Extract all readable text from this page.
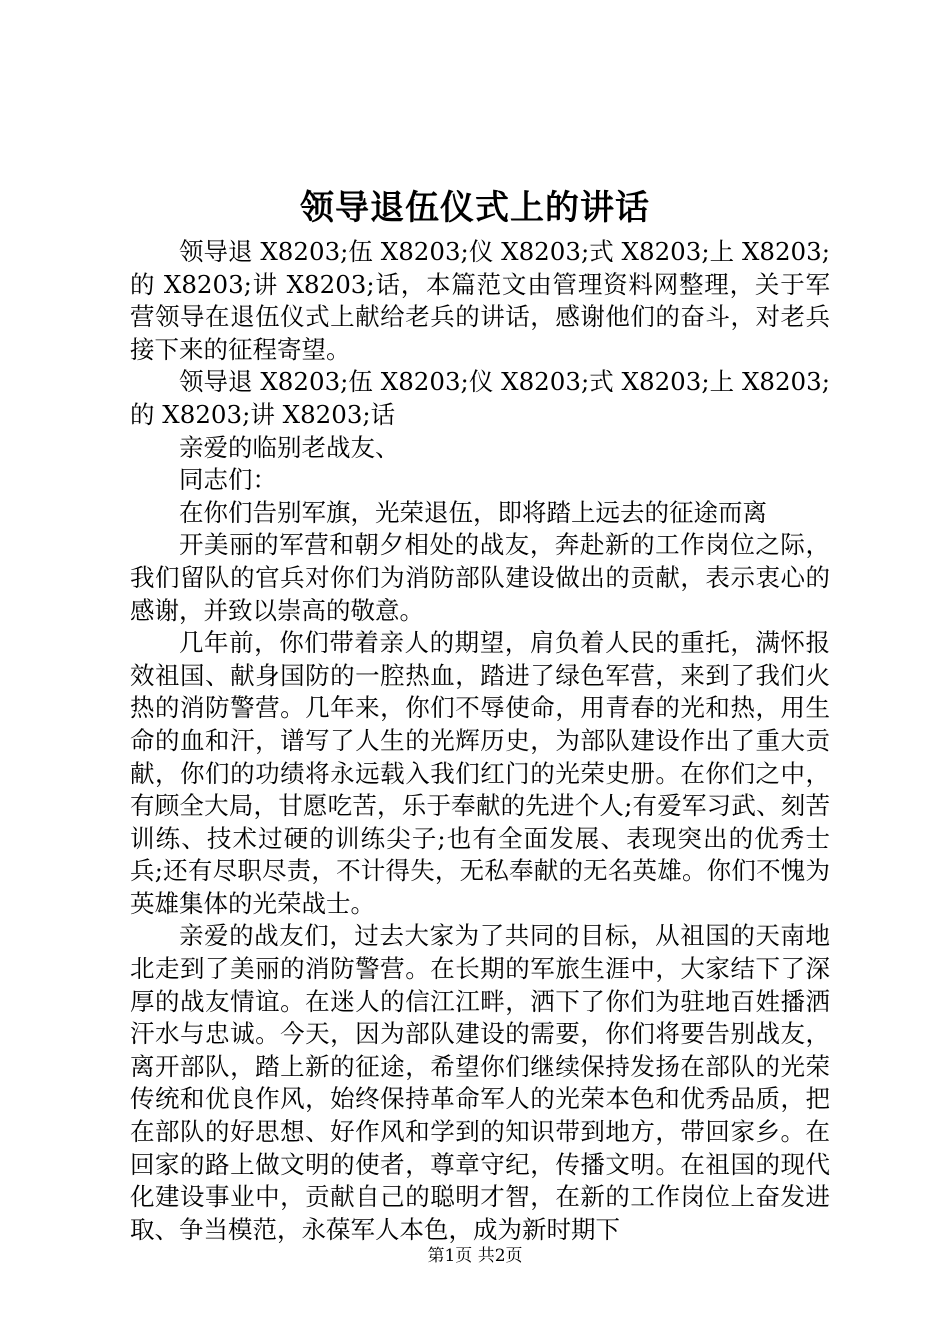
领导退伍仪式上的讲话

领导退 X8203;伍 X8203;仪 X8203;式 X8203;上 X8203;的 X8203;讲 X8203;话，本篇范文由管理资料网整理，关于军营领导在退伍仪式上献给老兵的讲话，感谢他们的奋斗，对老兵接下来的征程寄望。

领导退 X8203;伍 X8203;仪 X8203;式 X8203;上 X8203;的 X8203;讲 X8203;话

亲爱的临别老战友、

同志们：

在你们告别军旗，光荣退伍，即将踏上远去的征途而离

开美丽的军营和朝夕相处的战友，奔赴新的工作岗位之际，我们留队的官兵对你们为消防部队建设做出的贡献，表示衷心的感谢，并致以崇高的敬意。

几年前，你们带着亲人的期望，肩负着人民的重托，满怀报效祖国、献身国防的一腔热血，踏进了绿色军营，来到了我们火热的消防警营。几年来，你们不辱使命，用青春的光和热，用生命的血和汗，谱写了人生的光辉历史，为部队建设作出了重大贡献，你们的功绩将永远载入我们红门的光荣史册。在你们之中，有顾全大局，甘愿吃苦，乐于奉献的先进个人;有爱军习武、刻苦训练、技术过硬的训练尖子;也有全面发展、表现突出的优秀士兵;还有尽职尽责，不计得失，无私奉献的无名英雄。你们不愧为英雄集体的光荣战士。

亲爱的战友们，过去大家为了共同的目标，从祖国的天南地北走到了美丽的消防警营。在长期的军旅生涯中，大家结下了深厚的战友情谊。在迷人的信江江畔，洒下了你们为驻地百姓播洒汗水与忠诚。今天，因为部队建设的需要，你们将要告别战友，离开部队，踏上新的征途，希望你们继续保持发扬在部队的光荣传统和优良作风，始终保持革命军人的光荣本色和优秀品质，把在部队的好思想、好作风和学到的知识带到地方，带回家乡。在回家的路上做文明的使者，尊章守纪，传播文明。在祖国的现代化建设事业中，贡献自己的聪明才智，在新的工作岗位上奋发进取、争当模范，永葆军人本色，成为新时期下

第1页 共2页
